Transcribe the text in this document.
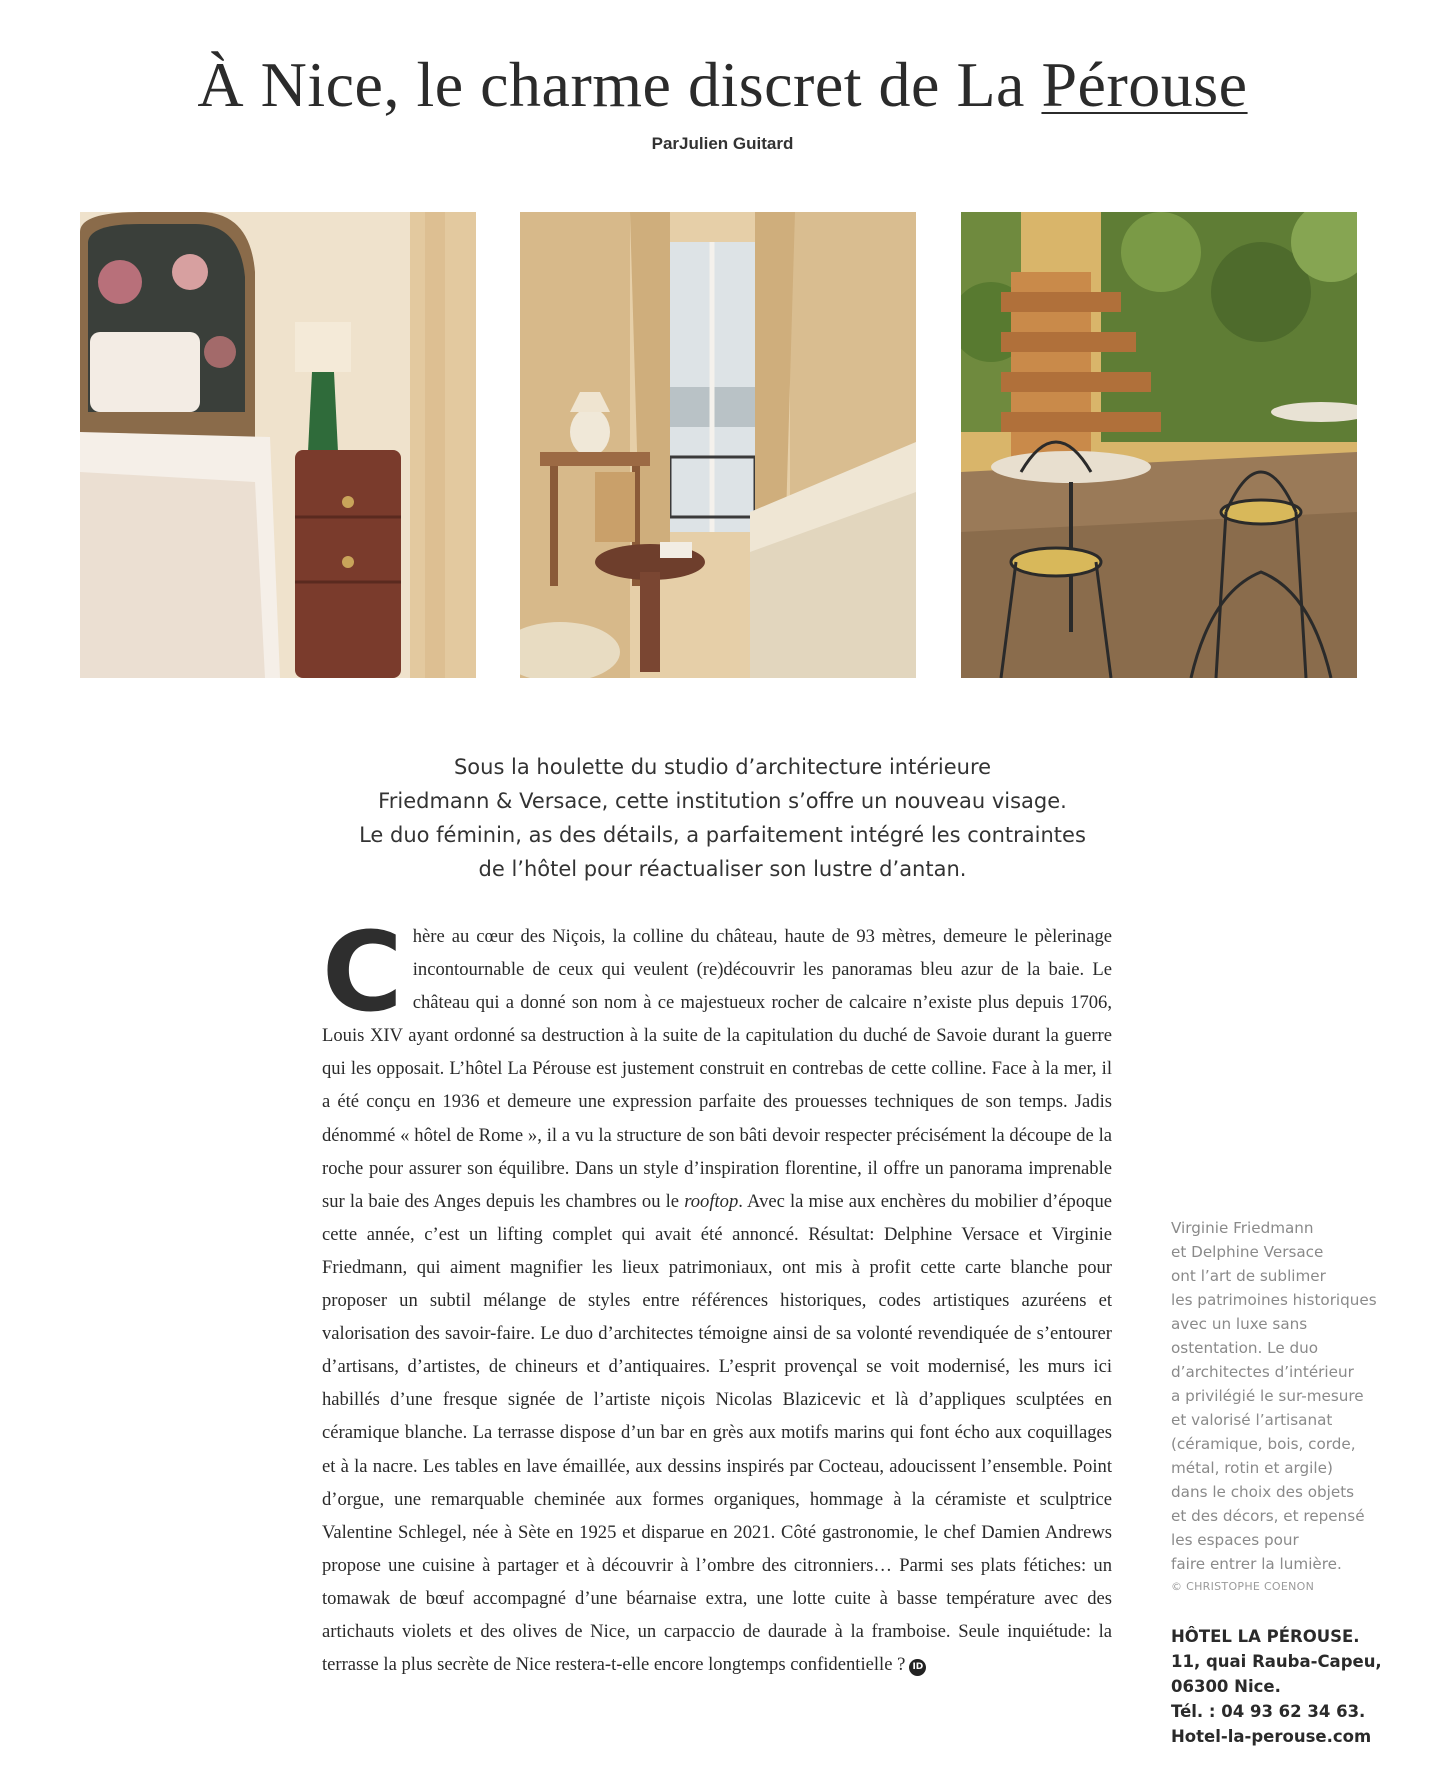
À Nice, le charme discret de La Pérouse
ParJulien Guitard
Sous la houlette du studio d’architecture intérieure
Friedmann & Versace, cette institution s’offre un nouveau visage.
Le duo féminin, as des détails, a parfaitement intégré les contraintes
de l’hôtel pour réactualiser son lustre d’antan.
Chère au cœur des Niçois, la colline du château, haute de 93 mètres, demeure le pèlerinage incontournable de ceux qui veulent (re)découvrir les panoramas bleu azur de la baie. Le château qui a donné son nom à ce majestueux rocher de calcaire n’existe plus depuis 1706, Louis XIV ayant ordonné sa destruction à la suite de la capitulation du duché de Savoie durant la guerre qui les opposait. L’hôtel La Pérouse est justement construit en contrebas de cette colline. Face à la mer, il a été conçu en 1936 et demeure une expression parfaite des prouesses techniques de son temps. Jadis dénommé « hôtel de Rome », il a vu la structure de son bâti devoir respecter précisément la découpe de la roche pour assurer son équilibre. Dans un style d’inspiration florentine, il offre un panorama imprenable sur la baie des Anges depuis les chambres ou le rooftop. Avec la mise aux enchères du mobilier d’époque cette année, c’est un lifting complet qui avait été annoncé. Résultat: Delphine Versace et Virginie Friedmann, qui aiment magnifier les lieux patrimoniaux, ont mis à profit cette carte blanche pour proposer un subtil mélange de styles entre références historiques, codes artistiques azuréens et valorisation des savoir-faire. Le duo d’architectes témoigne ainsi de sa volonté revendiquée de s’entourer d’artisans, d’artistes, de chineurs et d’antiquaires. L’esprit provençal se voit modernisé, les murs ici habillés d’une fresque signée de l’artiste niçois Nicolas Blazicevic et là d’appliques sculptées en céramique blanche. La terrasse dispose d’un bar en grès aux motifs marins qui font écho aux coquillages et à la nacre. Les tables en lave émaillée, aux dessins inspirés par Cocteau, adoucissent l’ensemble. Point d’orgue, une remarquable cheminée aux formes organiques, hommage à la céramiste et sculptrice Valentine Schlegel, née à Sète en 1925 et disparue en 2021. Côté gastronomie, le chef Damien Andrews propose une cuisine à partager et à découvrir à l’ombre des citronniers… Parmi ses plats fétiches: un tomawak de bœuf accompagné d’une béarnaise extra, une lotte cuite à basse température avec des artichauts violets et des olives de Nice, un carpaccio de daurade à la framboise. Seule inquiétude: la terrasse la plus secrète de Nice restera-t-elle encore longtemps confidentielle ? ID
Virginie Friedmann
et Delphine Versace
ont l’art de sublimer
les patrimoines historiques
avec un luxe sans
ostentation. Le duo
d’architectes d’intérieur
a privilégié le sur-mesure
et valorisé l’artisanat
(céramique, bois, corde,
métal, rotin et argile)
dans le choix des objets
et des décors, et repensé
les espaces pour
faire entrer la lumière.
© CHRISTOPHE COENON
HÔTEL LA PÉROUSE.
11, quai Rauba-Capeu,
06300 Nice.
Tél. : 04 93 62 34 63.
Hotel-la-perouse.com
